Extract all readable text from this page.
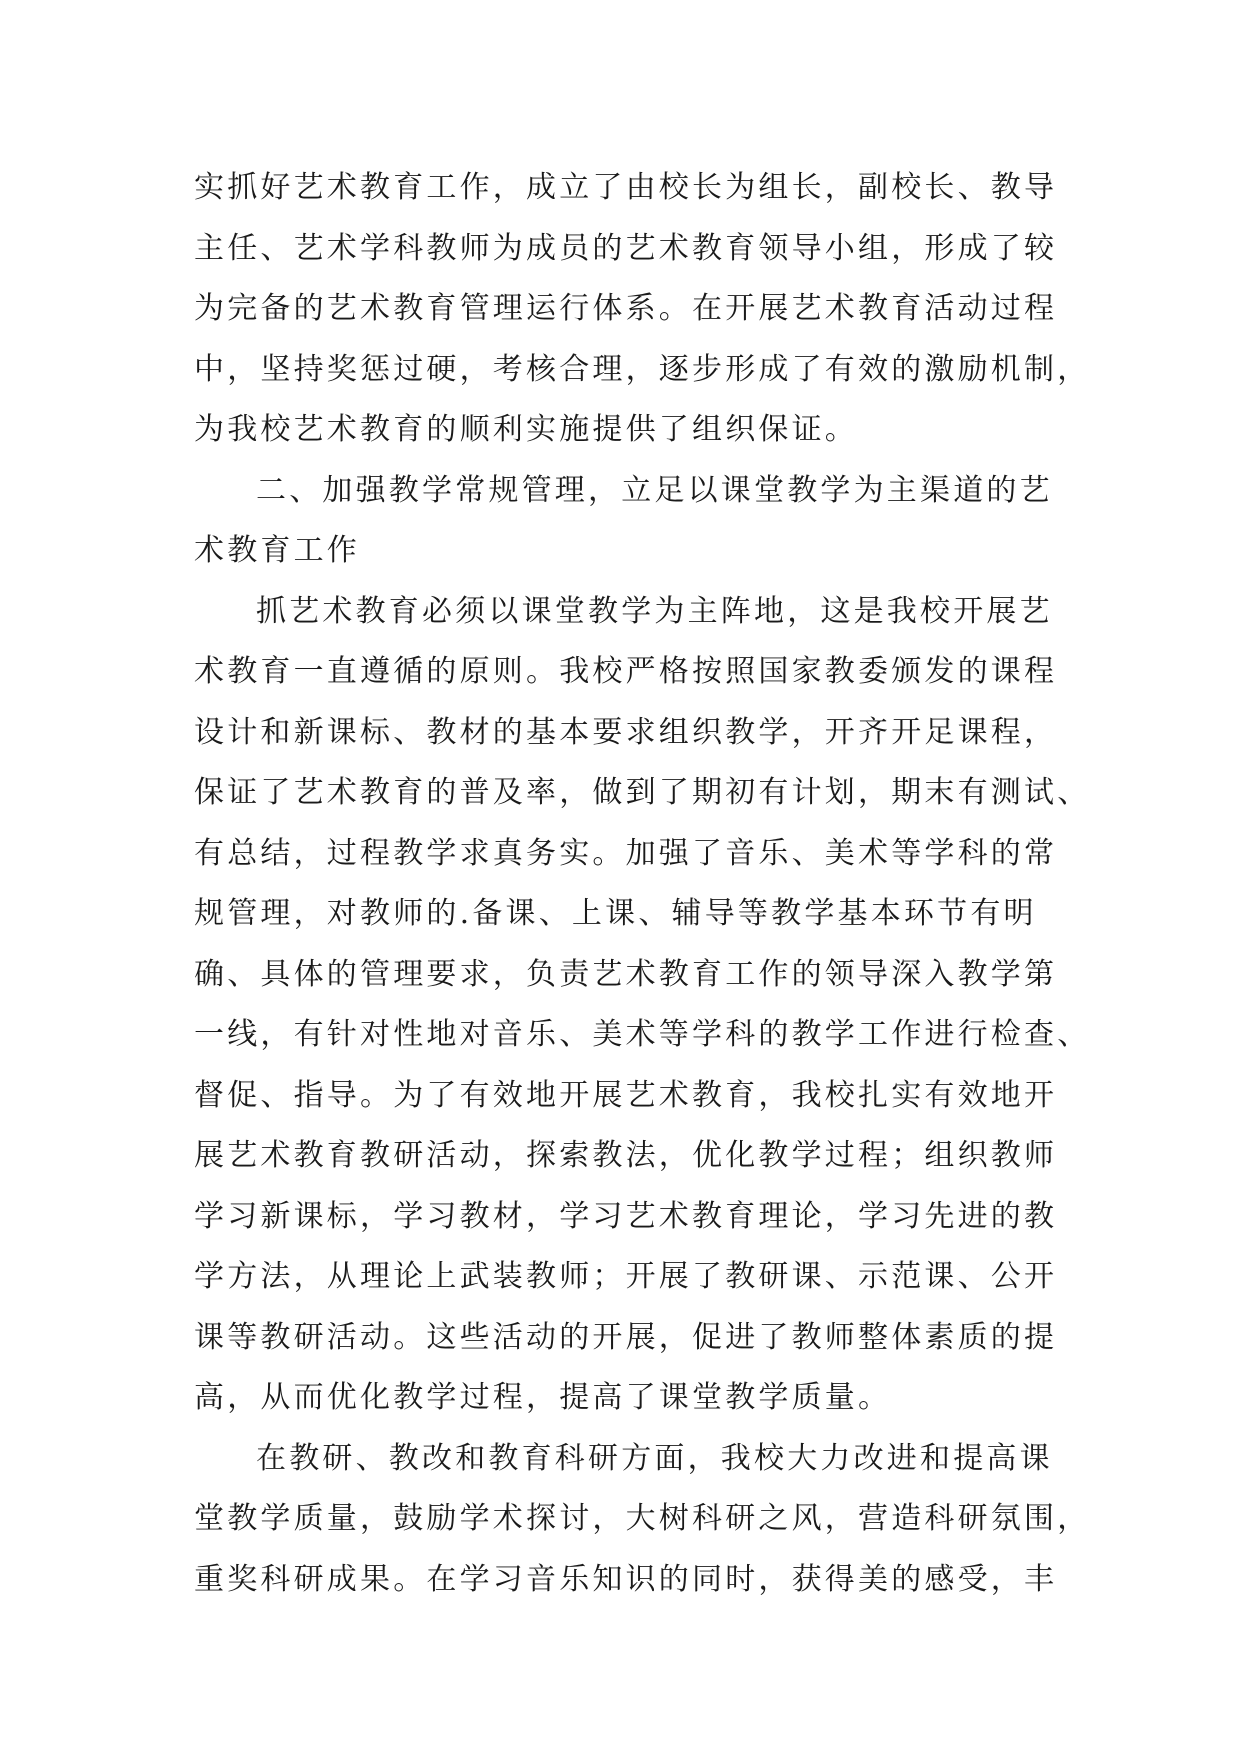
实抓好艺术教育工作，成立了由校长为组长，副校长、教导
主任、艺术学科教师为成员的艺术教育领导小组，形成了较
为完备的艺术教育管理运行体系。在开展艺术教育活动过程
中，坚持奖惩过硬，考核合理，逐步形成了有效的激励机制，
为我校艺术教育的顺利实施提供了组织保证。
二、加强教学常规管理，立足以课堂教学为主渠道的艺
术教育工作
抓艺术教育必须以课堂教学为主阵地，这是我校开展艺
术教育一直遵循的原则。我校严格按照国家教委颁发的课程
设计和新课标、教材的基本要求组织教学，开齐开足课程，
保证了艺术教育的普及率，做到了期初有计划，期末有测试、
有总结，过程教学求真务实。加强了音乐、美术等学科的常
规管理，对教师的.备课、上课、辅导等教学基本环节有明
确、具体的管理要求，负责艺术教育工作的领导深入教学第
一线，有针对性地对音乐、美术等学科的教学工作进行检查、
督促、指导。为了有效地开展艺术教育，我校扎实有效地开
展艺术教育教研活动，探索教法，优化教学过程；组织教师
学习新课标，学习教材，学习艺术教育理论，学习先进的教
学方法，从理论上武装教师；开展了教研课、示范课、公开
课等教研活动。这些活动的开展，促进了教师整体素质的提
高，从而优化教学过程，提高了课堂教学质量。
在教研、教改和教育科研方面，我校大力改进和提高课
堂教学质量，鼓励学术探讨，大树科研之风，营造科研氛围，
重奖科研成果。在学习音乐知识的同时，获得美的感受，丰
